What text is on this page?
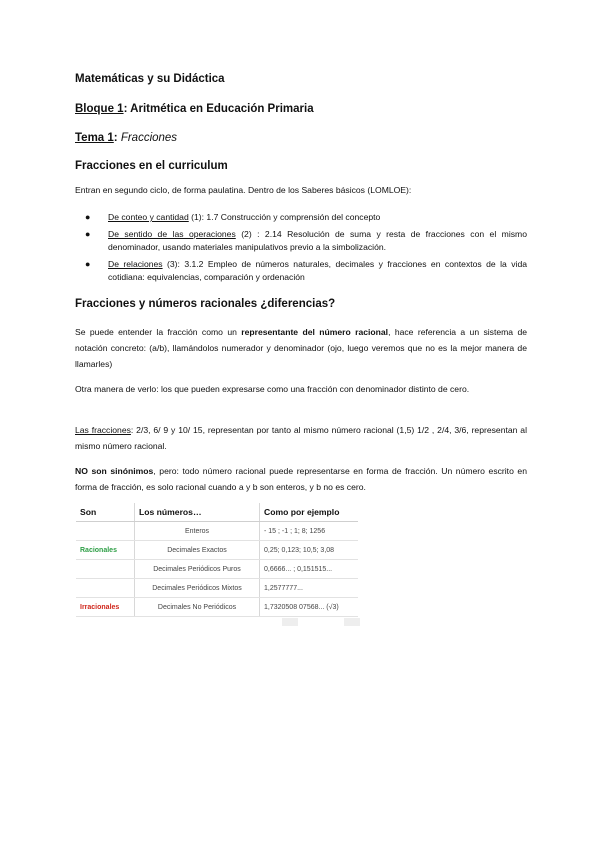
Matemáticas y su Didáctica
Bloque 1: Aritmética en Educación Primaria
Tema 1: Fracciones
Fracciones en el curriculum
Entran en segundo ciclo, de forma paulatina. Dentro de los Saberes básicos (LOMLOE):
● De conteo y cantidad (1): 1.7 Construcción y comprensión del concepto
● De sentido de las operaciones (2) : 2.14 Resolución de suma y resta de fracciones con el mismo denominador, usando materiales manipulativos previo a la simbolización.
● De relaciones (3): 3.1.2 Empleo de números naturales, decimales y fracciones en contextos de la vida cotidiana: equivalencias, comparación y ordenación
Fracciones y números racionales ¿diferencias?
Se puede entender la fracción como un representante del número racional, hace referencia a un sistema de notación concreto: (a/b), llamándolos numerador y denominador (ojo, luego veremos que no es la mejor manera de llamarles)
Otra manera de verlo: los que pueden expresarse como una fracción con denominador distinto de cero.
Las fracciones: 2/3, 6/ 9 y 10/ 15, representan por tanto al mismo número racional (1,5) 1/2 , 2/4, 3/6, representan al mismo número racional.
NO son sinónimos, pero: todo número racional puede representarse en forma de fracción. Un número escrito en forma de fracción, es solo racional cuando a y b son enteros, y b no es cero.
Son	Los números…	Como por ejemplo
	Enteros	- 15 ; -1 ; 1; 8; 1256
Racionales	Decimales Exactos	0,25; 0,123; 10,5; 3,08
	Decimales Periódicos Puros	0,6666... ; 0,151515...
	Decimales Periódicos Mixtos	1,2577777...
Irracionales	Decimales No Periódicos	1,7320508 07568... (√3)
